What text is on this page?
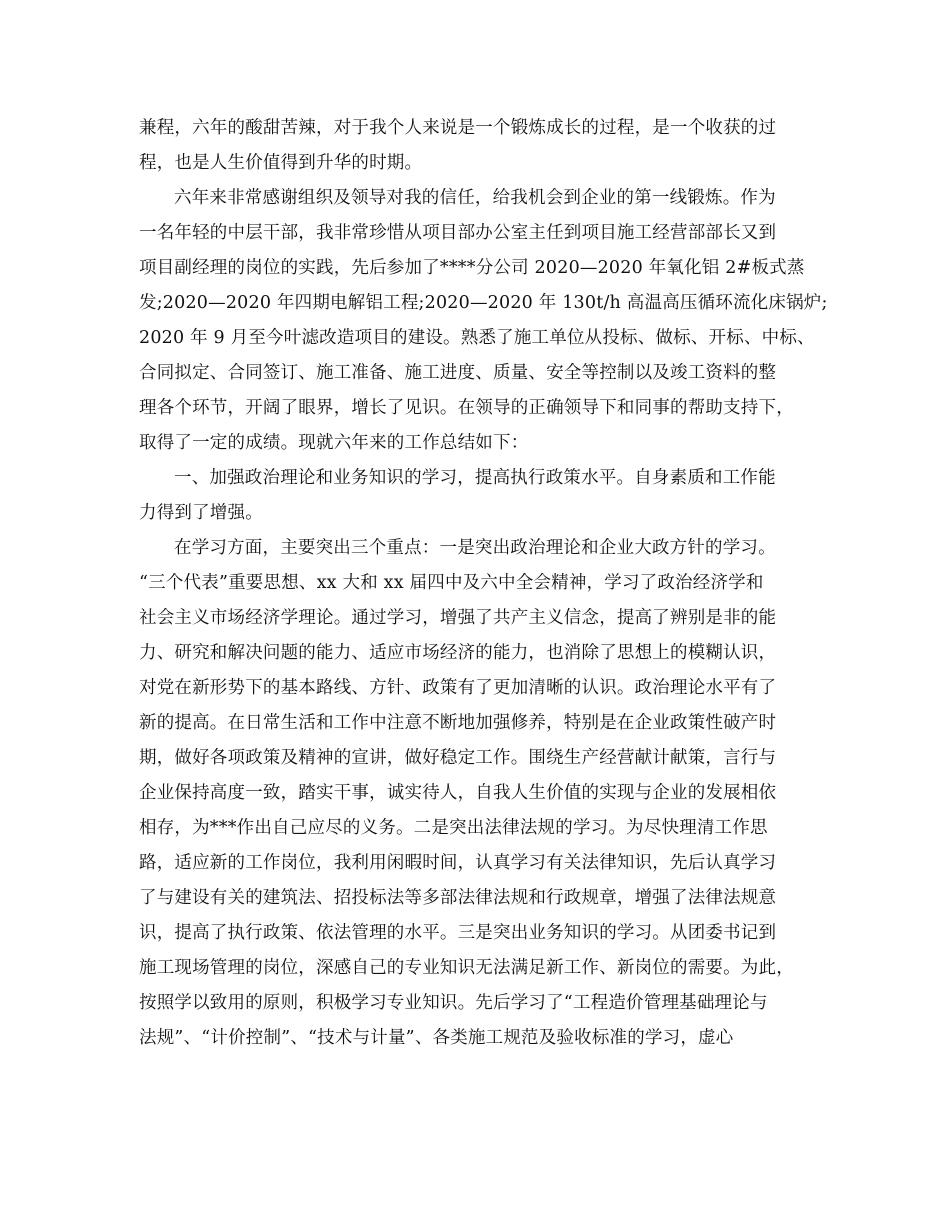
兼程，六年的酸甜苦辣，对于我个人来说是一个锻炼成长的过程，是一个收获的过
程，也是人生价值得到升华的时期。
六年来非常感谢组织及领导对我的信任，给我机会到企业的第一线锻炼。作为
一名年轻的中层干部，我非常珍惜从项目部办公室主任到项目施工经营部部长又到
项目副经理的岗位的实践，先后参加了****分公司 2020—2020 年氧化铝 2#板式蒸
发;2020—2020 年四期电解铝工程;2020—2020 年 130t/h 高温高压循环流化床锅炉;
2020 年 9 月至今叶滤改造项目的建设。熟悉了施工单位从投标、做标、开标、中标、
合同拟定、合同签订、施工准备、施工进度、质量、安全等控制以及竣工资料的整
理各个环节，开阔了眼界，增长了见识。在领导的正确领导下和同事的帮助支持下，
取得了一定的成绩。现就六年来的工作总结如下：
一、加强政治理论和业务知识的学习，提高执行政策水平。自身素质和工作能
力得到了增强。
在学习方面，主要突出三个重点：一是突出政治理论和企业大政方针的学习。
“三个代表”重要思想、xx 大和 xx 届四中及六中全会精神，学习了政治经济学和
社会主义市场经济学理论。通过学习，增强了共产主义信念，提高了辨别是非的能
力、研究和解决问题的能力、适应市场经济的能力，也消除了思想上的模糊认识，
对党在新形势下的基本路线、方针、政策有了更加清晰的认识。政治理论水平有了
新的提高。在日常生活和工作中注意不断地加强修养，特别是在企业政策性破产时
期，做好各项政策及精神的宣讲，做好稳定工作。围绕生产经营献计献策，言行与
企业保持高度一致，踏实干事，诚实待人，自我人生价值的实现与企业的发展相依
相存，为***作出自己应尽的义务。二是突出法律法规的学习。为尽快理清工作思
路，适应新的工作岗位，我利用闲暇时间，认真学习有关法律知识，先后认真学习
了与建设有关的建筑法、招投标法等多部法律法规和行政规章，增强了法律法规意
识，提高了执行政策、依法管理的水平。三是突出业务知识的学习。从团委书记到
施工现场管理的岗位，深感自己的专业知识无法满足新工作、新岗位的需要。为此，
按照学以致用的原则，积极学习专业知识。先后学习了“工程造价管理基础理论与
法规”、“计价控制”、“技术与计量”、各类施工规范及验收标准的学习，虚心
